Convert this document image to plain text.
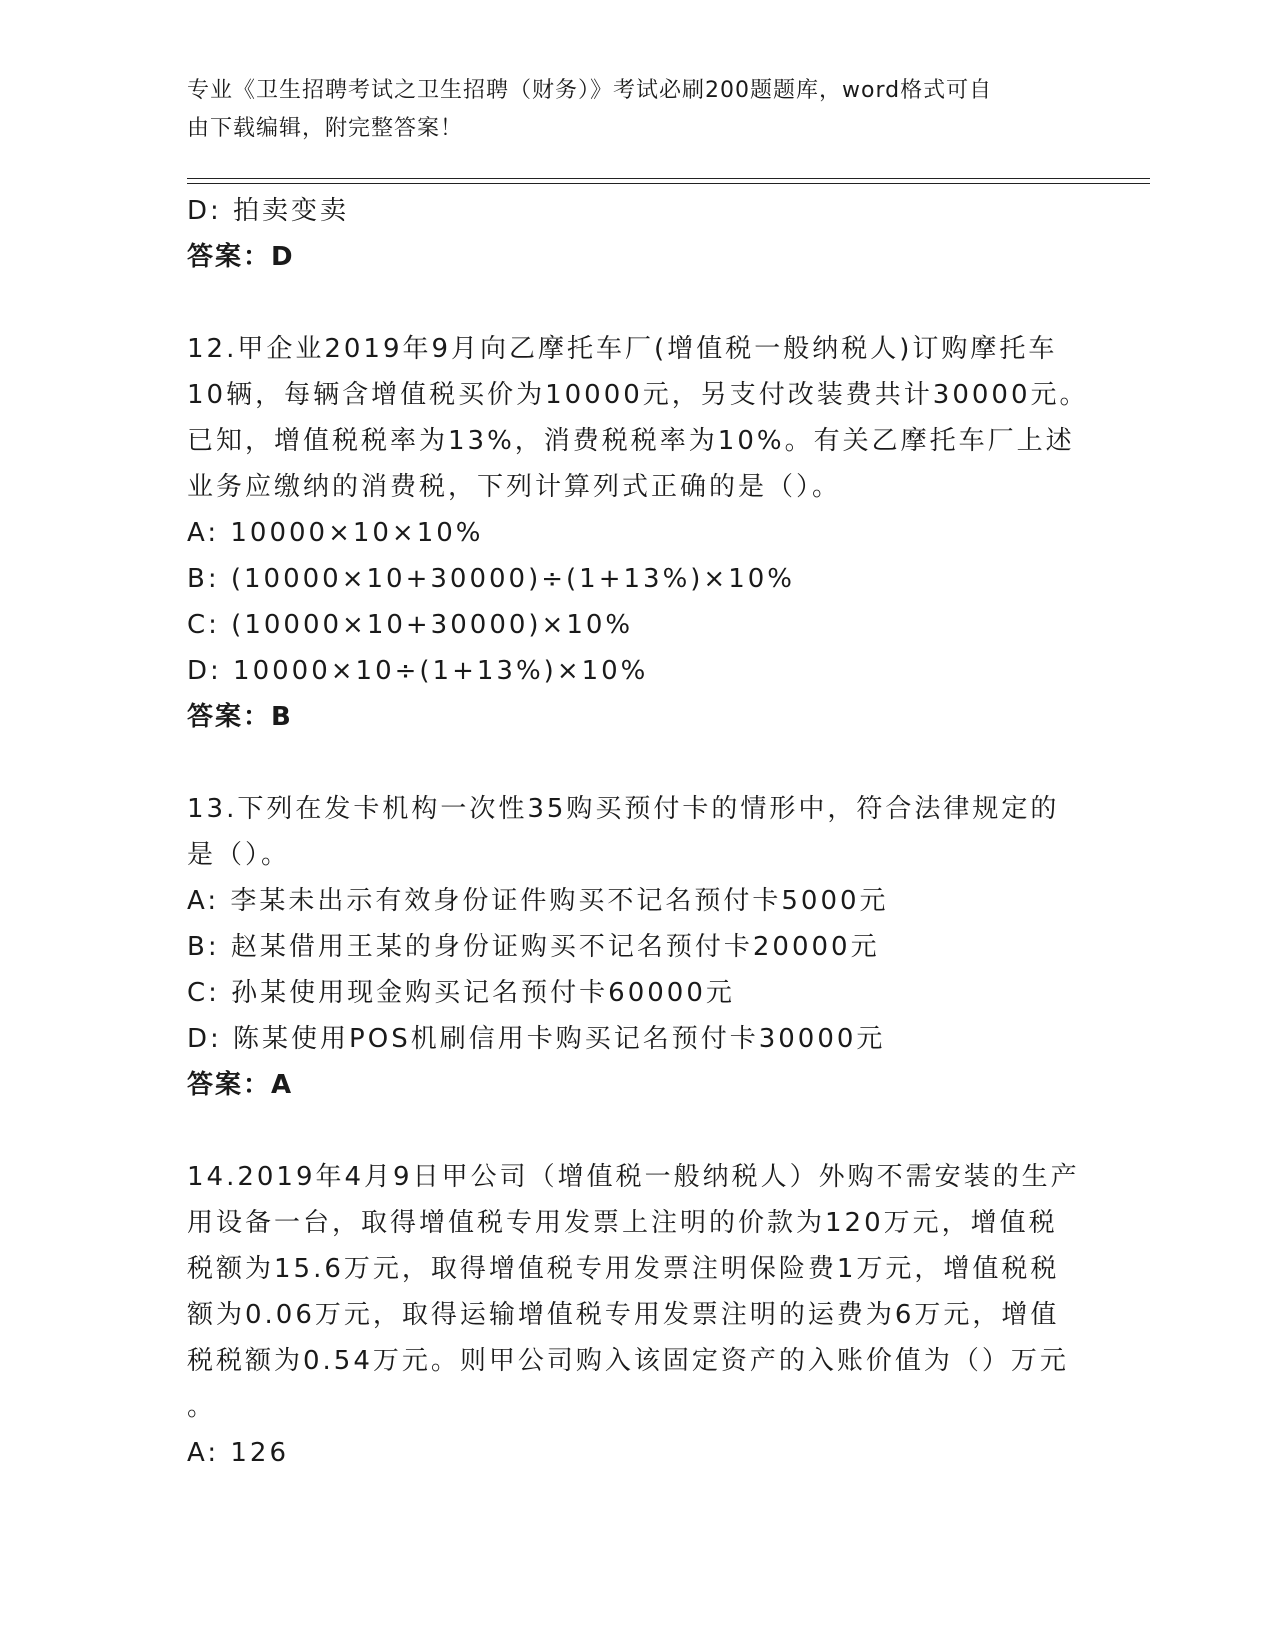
专业《卫生招聘考试之卫生招聘（财务）》考试必刷200题题库，word格式可自
由下载编辑，附完整答案！
D: 拍卖变卖
答案：D
12.甲企业2019年9月向乙摩托车厂(增值税一般纳税人)订购摩托车
10辆，每辆含增值税买价为10000元，另支付改装费共计30000元。
已知，增值税税率为13%，消费税税率为10%。有关乙摩托车厂上述
业务应缴纳的消费税，下列计算列式正确的是（）。
A: 10000×10×10%
B: (10000×10+30000)÷(1+13%)×10%
C: (10000×10+30000)×10%
D: 10000×10÷(1+13%)×10%
答案：B
13.下列在发卡机构一次性35购买预付卡的情形中，符合法律规定的
是（）。
A: 李某未出示有效身份证件购买不记名预付卡5000元
B: 赵某借用王某的身份证购买不记名预付卡20000元
C: 孙某使用现金购买记名预付卡60000元
D: 陈某使用POS机刷信用卡购买记名预付卡30000元
答案：A
14.2019年4月9日甲公司（增值税一般纳税人）外购不需安装的生产
用设备一台，取得增值税专用发票上注明的价款为120万元，增值税
税额为15.6万元，取得增值税专用发票注明保险费1万元，增值税税
额为0.06万元，取得运输增值税专用发票注明的运费为6万元，增值
税税额为0.54万元。则甲公司购入该固定资产的入账价值为（）万元
。
A: 126
